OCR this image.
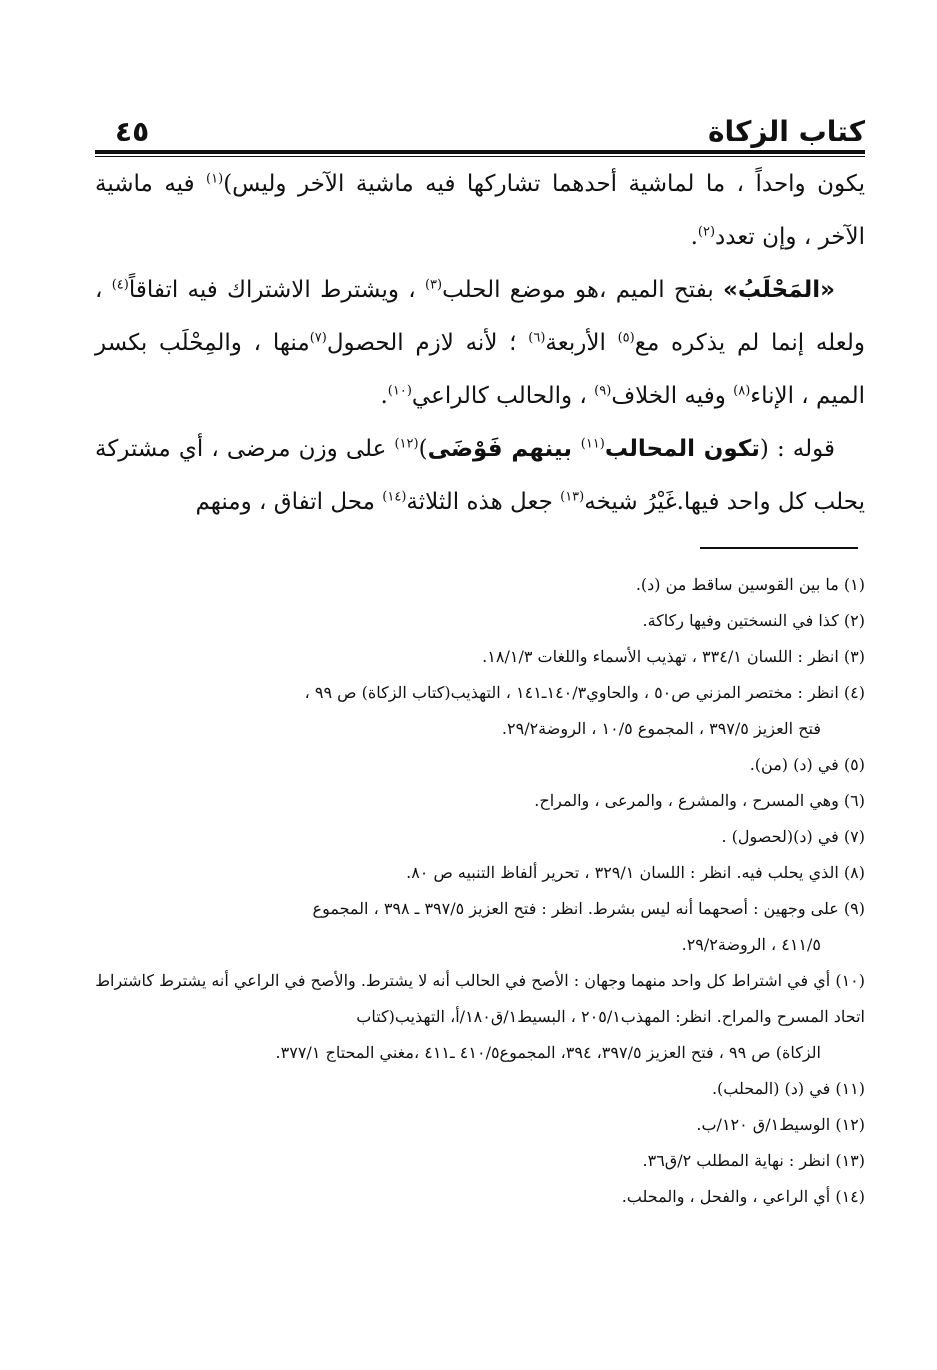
كتاب الزكاة
٤٥

يكون واحداً ، ما لماشية أحدهما تشاركها فيه ماشية الآخر وليس)$^{(١)}$ فيه ماشية الآخر ، وإن تعدد$^{(٢)}$.

«المَحْلَبُ» بفتح الميم ،هو موضع الحلب$^{(٣)}$ ، ويشترط الاشتراك فيه اتفاقاً$^{(٤)}$ ، ولعله إنما لم يذكره مع$^{(٥)}$ الأربعة$^{(٦)}$ ؛ لأنه لازم الحصول$^{(٧)}$منها ، والمِحْلَب بكسر الميم ، الإناء$^{(٨)}$ وفيه الخلاف$^{(٩)}$ ، والحالب كالراعي$^{(١٠)}$.

قوله : (تكون المحالب$^{(١١)}$ بينهم فَوْضَى)$^{(١٢)}$ على وزن مرضى ، أي مشتركة يحلب كل واحد فيها.غَيْرُ شيخه$^{(١٣)}$ جعل هذه الثلاثة$^{(١٤)}$ محل اتفاق ، ومنهم

(١) ما بين القوسين ساقط من (د).

(٢) كذا في النسختين وفيها ركاكة.

(٣) انظر : اللسان ٣٣٤/١ ، تهذيب الأسماء واللغات ١٨/١/٣.

(٤) انظر : مختصر المزني ص٥٠ ، والحاوي١٤٠/٣ـ١٤١ ، التهذيب(كتاب الزكاة) ص ٩٩ ،
فتح العزيز ٣٩٧/٥ ، المجموع ١٠/٥ ، الروضة٢٩/٢.

(٥) في (د) (من).

(٦) وهي المسرح ، والمشرع ، والمرعى ، والمراح.

(٧) في (د)(لحصول) .

(٨) الذي يحلب فيه. انظر : اللسان ٣٢٩/١ ، تحرير ألفاظ التنبيه ص ٨٠.

(٩) على وجهين : أصحهما أنه ليس بشرط. انظر : فتح العزيز ٣٩٧/٥ ـ ٣٩٨ ، المجموع
٤١١/٥ ، الروضة٢٩/٢.

(١٠) أي في اشتراط كل واحد منهما وجهان : الأصح في الحالب أنه لا يشترط. والأصح في الراعي أنه يشترط كاشتراط اتحاد المسرح والمراح. انظر: المهذب٢٠٥/١ ، البسيط١/ق١٨٠/أ، التهذيب(كتاب
الزكاة) ص ٩٩ ، فتح العزيز ٣٩٧/٥، ٣٩٤، المجموع٤١٠/٥ ـ٤١١ ،مغني المحتاج ٣٧٧/١.

(١١) في (د) (المحلب).

(١٢) الوسيط١/ق ١٢٠/ب.

(١٣) انظر : نهاية المطلب ٢/ق٣٦.

(١٤) أي الراعي ، والفحل ، والمحلب.
